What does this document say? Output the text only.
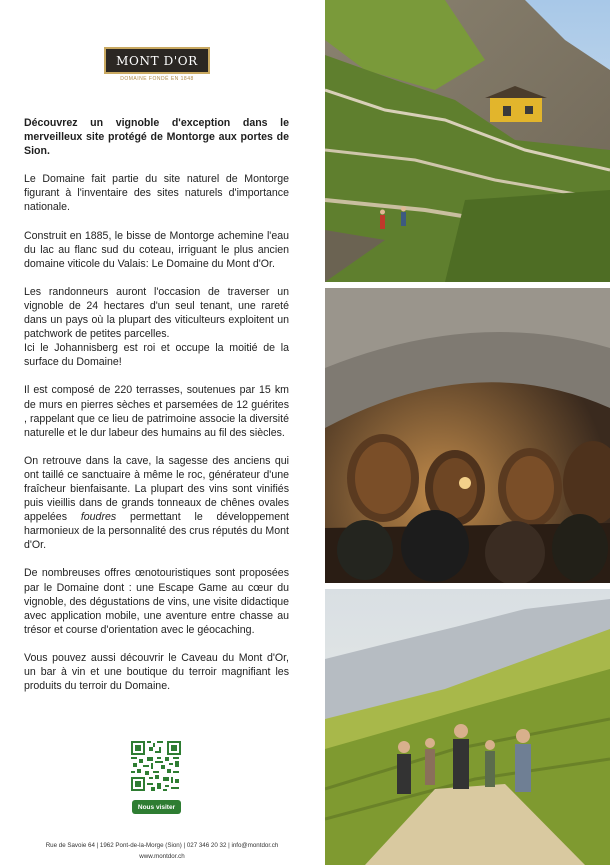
MONT D'OR
DOMAINE FONDÉ EN 1848

Découvrez un vignoble d'exception dans le merveilleux site protégé de Montorge aux portes de Sion.

Le Domaine fait partie du site naturel de Montorge figurant à l'inventaire des sites naturels d'importance nationale.

Construit en 1885, le bisse de Montorge achemine l'eau du lac au flanc sud du coteau, irriguant le plus ancien domaine viticole du Valais: Le Domaine du Mont d'Or.

Les randonneurs auront l'occasion de traverser un vignoble de 24 hectares d'un seul tenant, une rareté dans un pays où la plupart des viticulteurs exploitent un patchwork de petites parcelles.

Ici le Johannisberg est roi et occupe la moitié de la surface du Domaine!

Il est composé de 220 terrasses, soutenues par 15 km de murs en pierres sèches et parsemées de 12 guérites , rappelant que ce lieu de patrimoine associe la diversité naturelle et le dur labeur des humains au fil des siècles.

On retrouve dans la cave, la sagesse des anciens qui ont taillé ce sanctuaire à même le roc, générateur d'une fraîcheur bienfaisante. La plupart des vins sont vinifiés puis vieillis dans de grands tonneaux de chênes ovales appelées foudres permettant le développement harmonieux de la personnalité des crus réputés du Mont d'Or.

De nombreuses offres œnotouristiques sont proposées par le Domaine dont : une Escape Game au cœur du vignoble, des dégustations de vins, une visite didactique avec application mobile, une aventure entre chasse au trésor et course d'orientation avec le géocaching.

Vous pouvez aussi découvrir le Caveau du Mont d'Or, un bar à vin et une boutique du terroir magnifiant les produits du terroir du Domaine.

Nous visiter
Rue de Savoie 64 | 1962 Pont-de-la-Morge (Sion) | 027 346 20 32 | info@montdor.ch
www.montdor.ch
